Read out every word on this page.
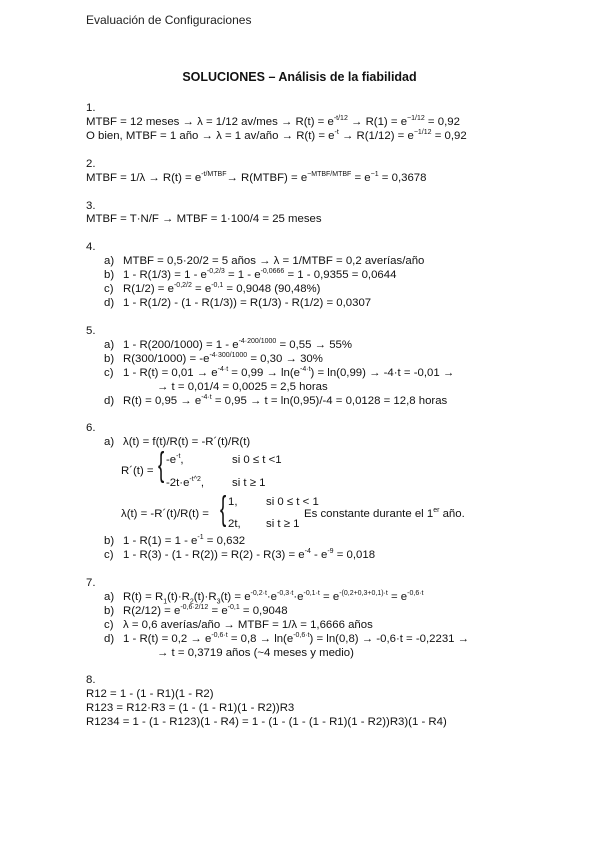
Evaluación de Configuraciones
SOLUCIONES – Análisis de la fiabilidad
1.
MTBF = 12 meses → λ = 1/12 $av/mes \to R(t) = e^{-t/12} \to R(1) = e^{-1/12} = 0,92$
O bien, MTBF = 1 año → λ = 1 av/año → $R(t) = e^{-t} \to R(1/12) = e^{-1/12} = 0,92$
2.
MTBF = $1/\lambda \to R(t) = e^{-t/MTBF}\to$ R(MTBF) = $e^{-MTBF/MTBF} = e^{-1} = 0,3678$
3.
MTBF = T·N/F → MTBF = 1·100/4 = 25 meses
4.
a) MTBF = 0,5·20/2 = 5 años → λ = 1/MTBF = 0,2 averías/año
b) $1 - R(1/3) = 1 - e^{-0,2/3} = 1 - e^{-0,0666} = 1 - 0,9355 = 0,0644$
c) $R(1/2) = e^{-0,2/2} = e^{-0,1} = 0,9048$ (90,48%)
d) 1 - R(1/2) - (1 - R(1/3)) = R(1/3) - R(1/2) = 0,0307
5.
a) $1 - R(200/1000) = 1 - e^{-4\cdot 200/1000} = 0,55 \to 55\%$
b) $R(300/1000) = -e^{-4\cdot 300/1000} = 0,30 \to 30\%$
c) $1 - R(t) = 0,01 \to e^{-4\cdot t} = 0,99 \to \ln(e^{-4\cdot t}) = \ln(0,99) \to -4\cdot t = -0,01$ →
→ t = 0,01/4 = 0,0025 = 2,5 horas
d) $R(t) = 0,95 \to e^{-4\cdot t} = 0,95 \to t = \ln(0,95)/-4 = 0,0128 = 12,8$ horas
6.
a) λ(t) = f(t)/R(t) = -R´(t)/R(t)
R´(t) = { $-e^{-t}$,	si 0 ≤ t <1
$-2t\cdot e^{-t\^{}2}$, si t ≥ 1
λ(t) = -R´(t)/R(t) = { 1,	si 0 ≤ t < 1
2t, si t ≥ 1
Es constante durante el 1er año.
b) $1 - R(1) = 1 - e^{-1} = 0,632$
c) $1 - R(3) - (1 - R(2)) = R(2) - R(3) = e^{-4} - e^{-9} = 0,018$
7.
a) $R(t) = R_1(t)\cdot R_2(t)\cdot R_3(t) = e^{-0,2\cdot t}\cdot e^{-0,3\cdot t}\cdot e^{-0,1\cdot t} = e^{-(0,2+0,3+0,1)\cdot t} = e^{-0,6\cdot t}$
b) $R(2/12) = e^{-0,6\cdot 2/12} = e^{-0,1} = 0,9048$
c) λ = 0,6 averías/año → MTBF = 1/λ = 1,6666 años
d) $1 - R(t) = 0,2 \to e^{-0,6\cdot t} = 0,8 \to \ln(e^{-0,6\cdot t}) = \ln(0,8) \to -0,6\cdot t = -0,2231$ →
→ t = 0,3719 años (~4 meses y medio)
8.
R12 = 1 - (1 - R1)(1 - R2)
R123 = R12·R3 = (1 - (1 - R1)(1 - R2))R3
R1234 = 1 - (1 - R123)(1 - R4) = 1 - (1 - (1 - (1 - R1)(1 - R2))R3)(1 - R4)
